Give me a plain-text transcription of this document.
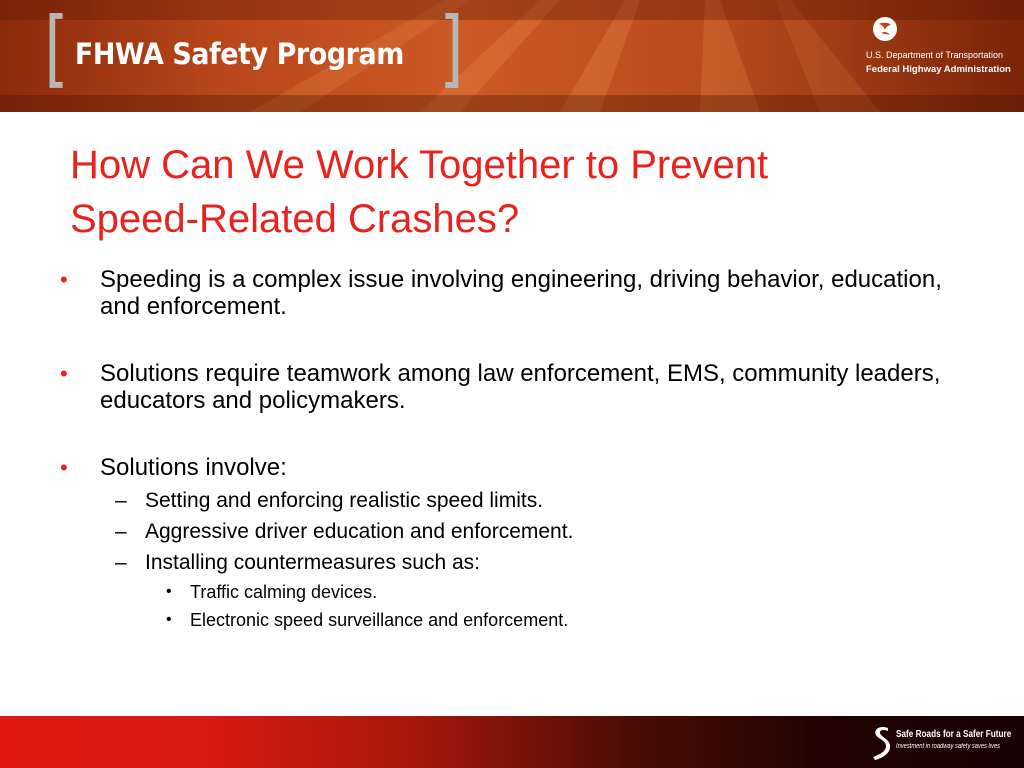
[ FHWA Safety Program ]	U.S. Department of Transportation
Federal Highway Administration
How Can We Work Together to Prevent
Speed-Related Crashes?
• Speeding is a complex issue involving engineering, driving behavior, education, and enforcement.
• Solutions require teamwork among law enforcement, EMS, community leaders, educators and policymakers.
• Solutions involve:
– Setting and enforcing realistic speed limits.
– Aggressive driver education and enforcement.
– Installing countermeasures such as:
• Traffic calming devices.
• Electronic speed surveillance and enforcement.
Safe Roads for a Safer Future
Investment in roadway safety saves lives
